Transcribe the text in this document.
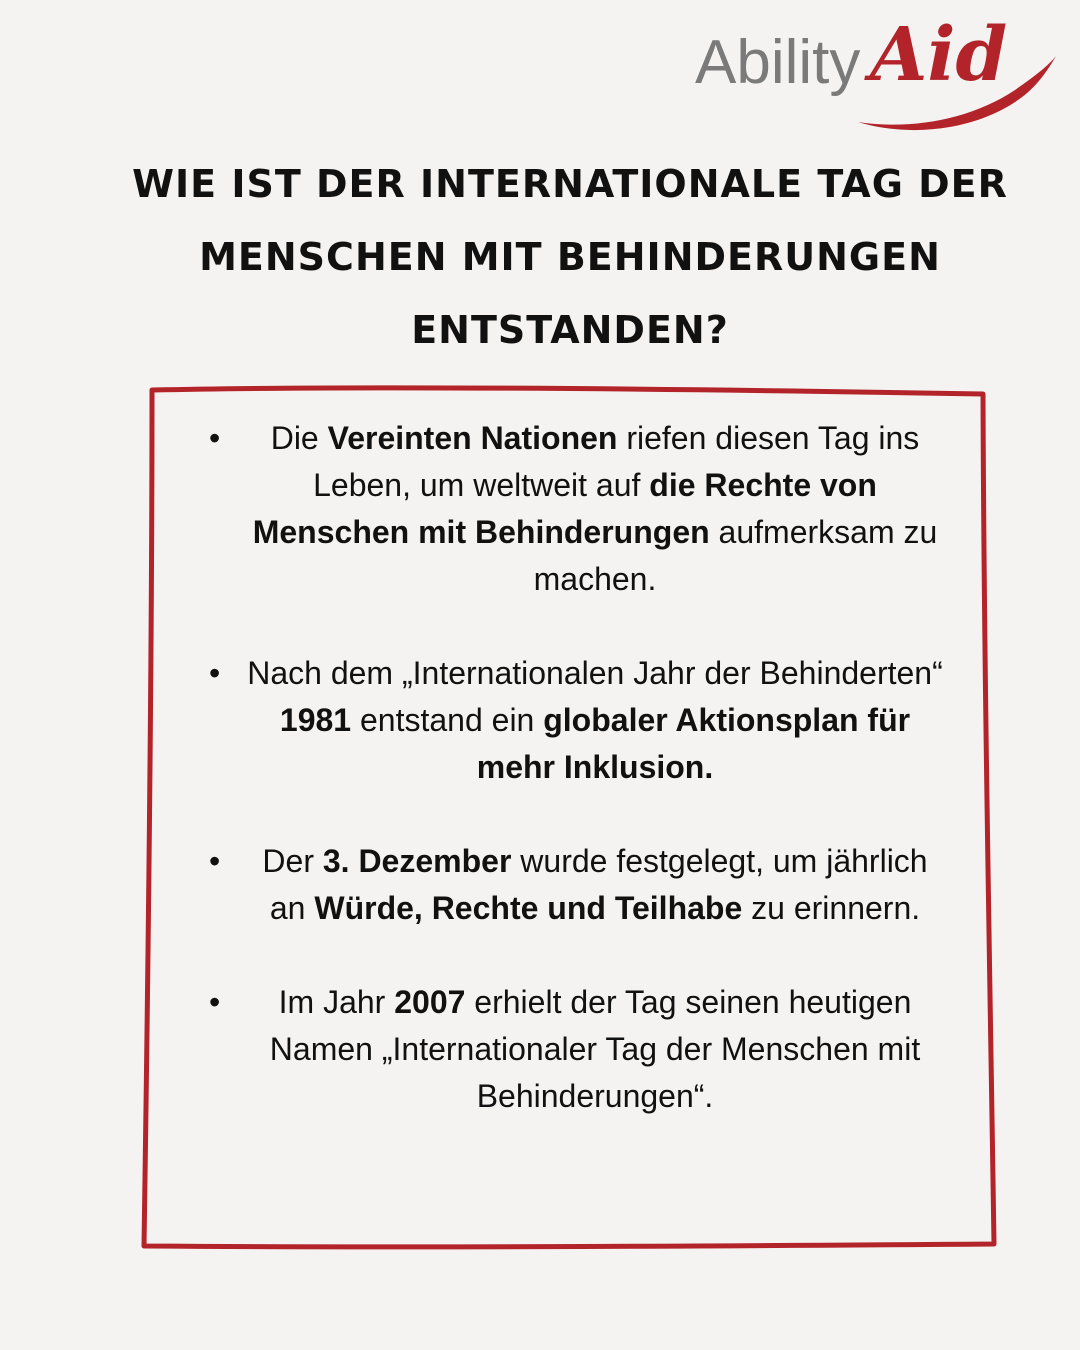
Ability Aid
WIE IST DER INTERNATIONALE TAG DER MENSCHEN MIT BEHINDERUNGEN ENTSTANDEN?
• Die Vereinten Nationen riefen diesen Tag ins Leben, um weltweit auf die Rechte von Menschen mit Behinderungen aufmerksam zu machen.
• Nach dem „Internationalen Jahr der Behinderten“ 1981 entstand ein globaler Aktionsplan für mehr Inklusion.
• Der 3. Dezember wurde festgelegt, um jährlich an Würde, Rechte und Teilhabe zu erinnern.
• Im Jahr 2007 erhielt der Tag seinen heutigen Namen „Internationaler Tag der Menschen mit Behinderungen“.
